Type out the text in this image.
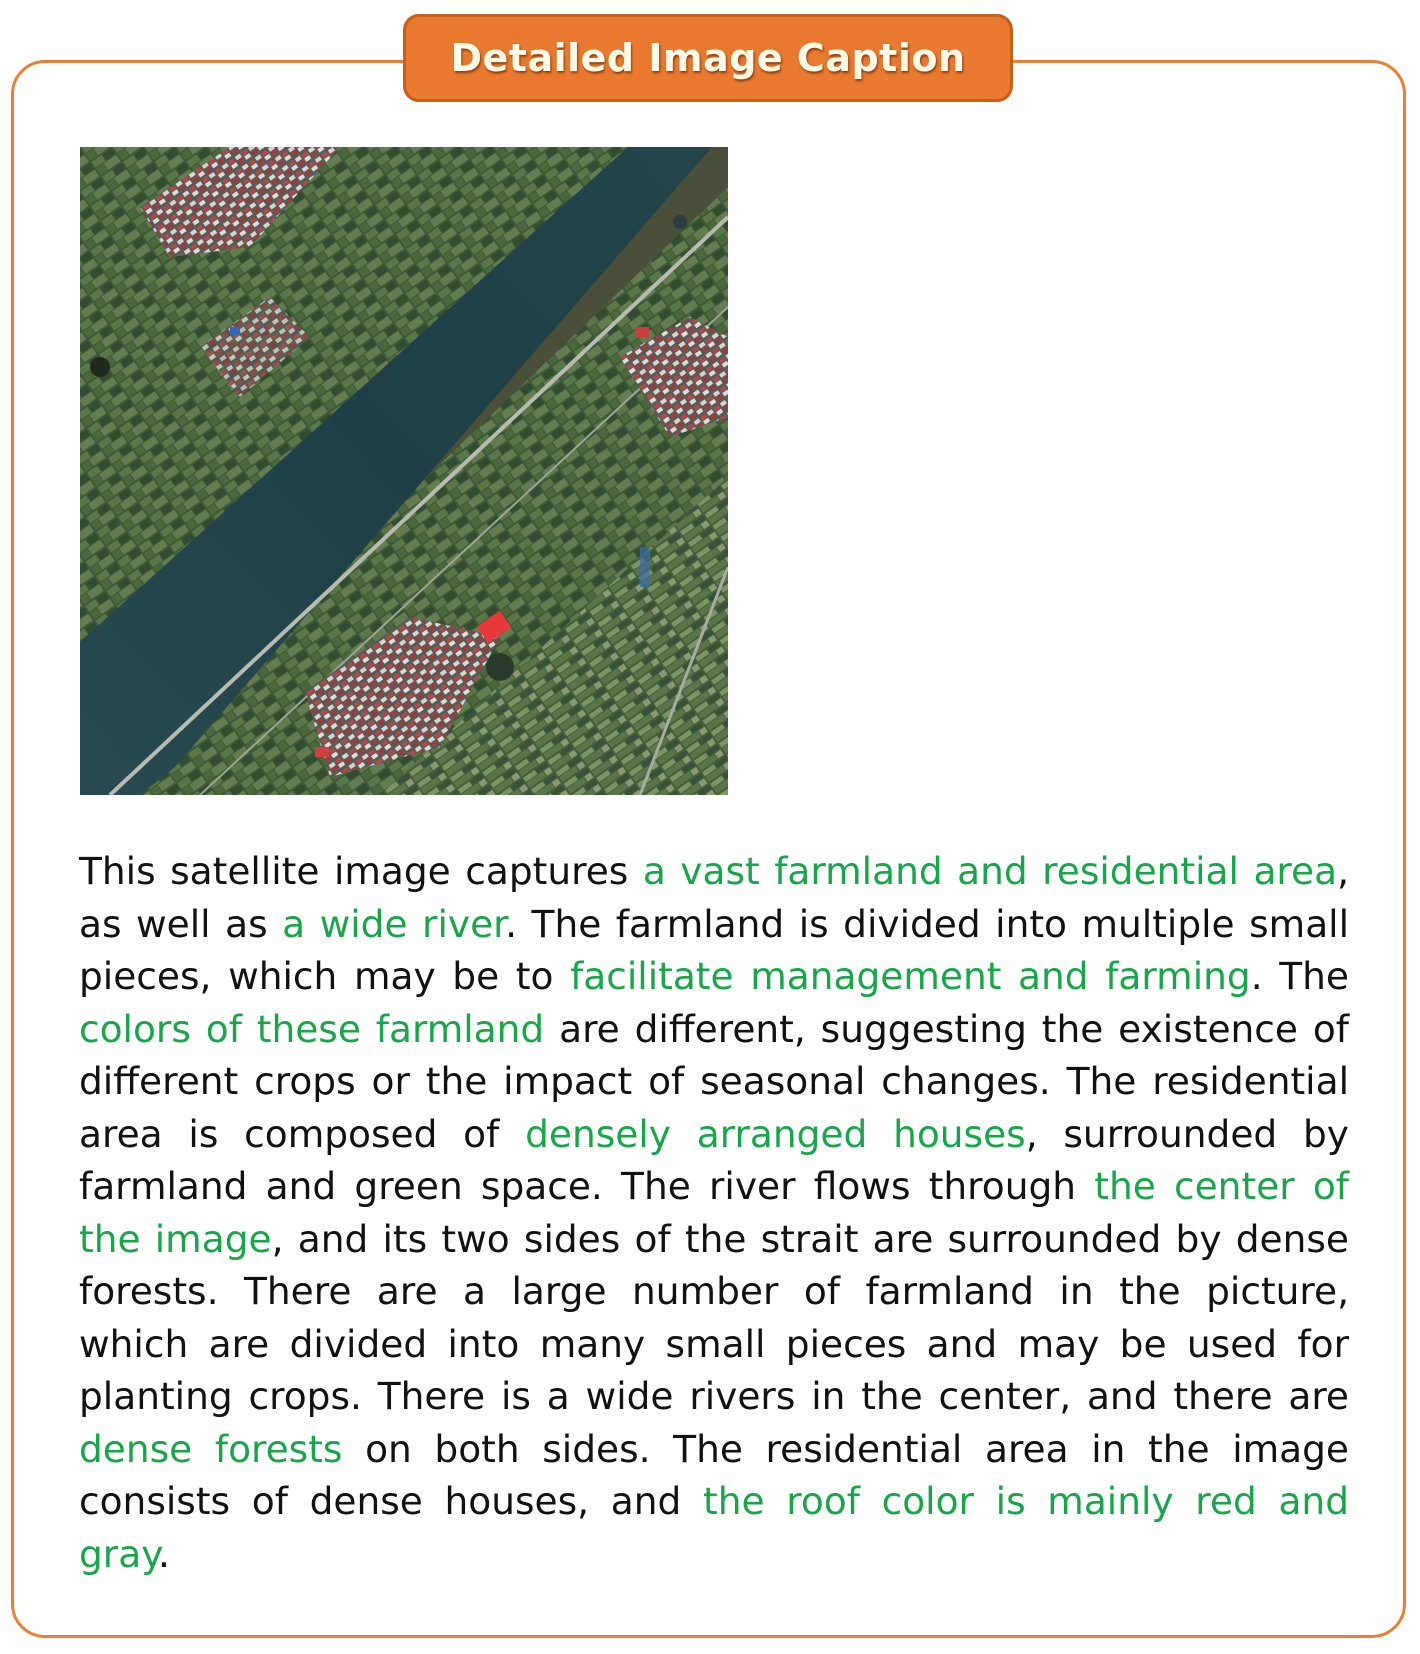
Detailed Image Caption

This satellite image captures a vast farmland and residential area, as well as a wide river. The farmland is divided into multiple small pieces, which may be to facilitate management and farming. The colors of these farmland are different, suggesting the existence of different crops or the impact of seasonal changes. The residential area is composed of densely arranged houses, surrounded by farmland and green space. The river flows through the center of the image, and its two sides of the strait are surrounded by dense forests. There are a large number of farmland in the picture, which are divided into many small pieces and may be used for planting crops. There is a wide rivers in the center, and there are dense forests on both sides. The residential area in the image consists of dense houses, and the roof color is mainly red and gray.
